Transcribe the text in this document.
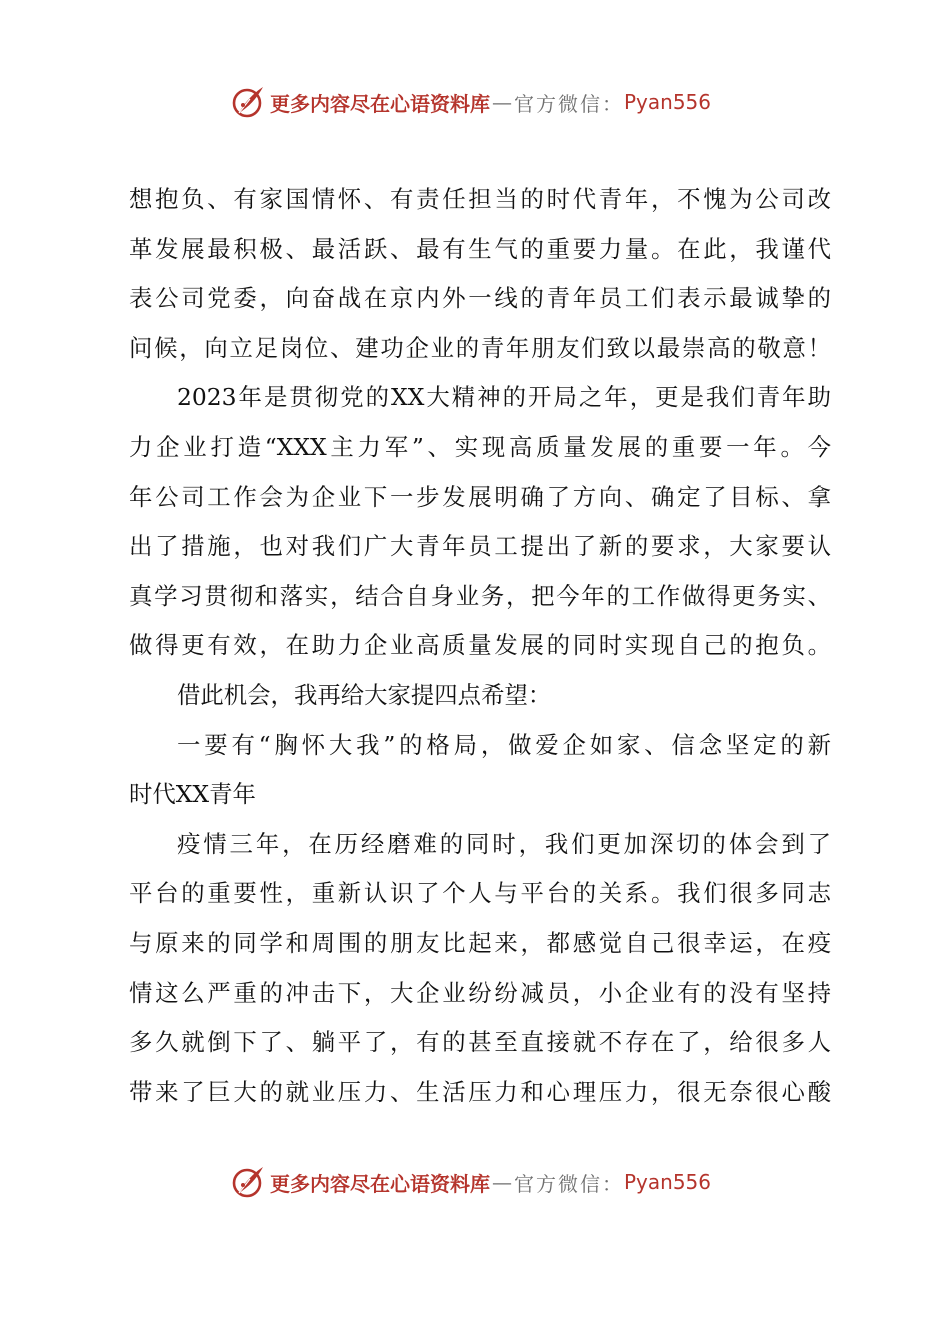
更多内容尽在心语资料库 — 官方微信： Pyan556
想抱负、有家国情怀、有责任担当的时代青年，不愧为公司改
革发展最积极、最活跃、最有生气的重要力量。在此，我谨代
表公司党委，向奋战在京内外一线的青年员工们表示最诚挚的
问候，向立足岗位、建功企业的青年朋友们致以最崇高的敬意！
2023年是贯彻党的XX大精神的开局之年，更是我们青年助
力企业打造“XXX主力军”、实现高质量发展的重要一年。今
年公司工作会为企业下一步发展明确了方向、确定了目标、拿
出了措施，也对我们广大青年员工提出了新的要求，大家要认
真学习贯彻和落实，结合自身业务，把今年的工作做得更务实、
做得更有效，在助力企业高质量发展的同时实现自己的抱负。
借此机会，我再给大家提四点希望：
一要有“胸怀大我”的格局，做爱企如家、信念坚定的新
时代XX青年
疫情三年，在历经磨难的同时，我们更加深切的体会到了
平台的重要性，重新认识了个人与平台的关系。我们很多同志
与原来的同学和周围的朋友比起来，都感觉自己很幸运，在疫
情这么严重的冲击下，大企业纷纷减员，小企业有的没有坚持
多久就倒下了、躺平了，有的甚至直接就不存在了，给很多人
带来了巨大的就业压力、生活压力和心理压力，很无奈很心酸
更多内容尽在心语资料库 — 官方微信： Pyan556
